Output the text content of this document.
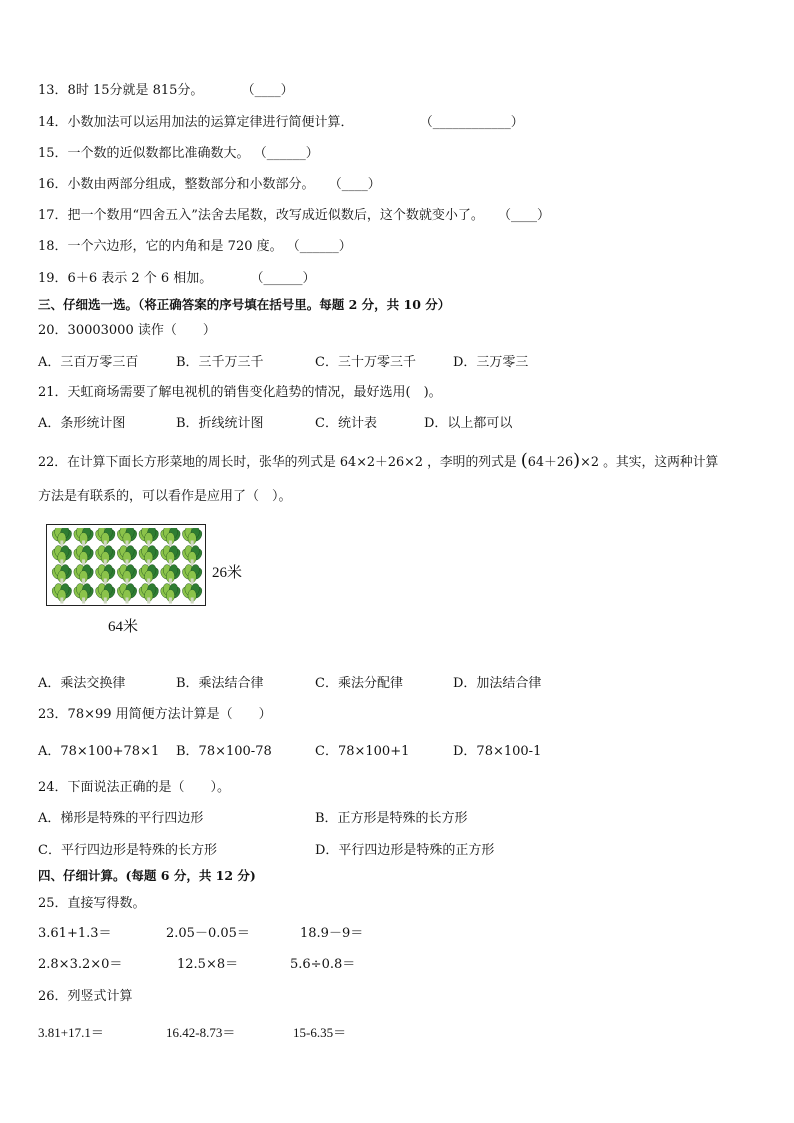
13．8时 15分就是 815分。	（____）
14．小数加法可以运用加法的运算定律进行简便计算．	（____________）
15．一个数的近似数都比准确数大。 （______）
16．小数由两部分组成，整数部分和小数部分。 （____）
17．把一个数用“四舍五入”法舍去尾数，改写成近似数后，这个数就变小了。 （____）
18．一个六边形，它的内角和是 720 度。 （______）
19．6＋6 表示 2 个 6 相加。	（______）
三、仔细选一选。（将正确答案的序号填在括号里。每题 2 分，共 10 分）
20．30003000 读作（　　）
A．三百万零三百	B．三千万三千	C．三十万零三千	D．三万零三
21．天虹商场需要了解电视机的销售变化趋势的情况，最好选用(　)。
A．条形统计图	B．折线统计图	C．统计表	D．以上都可以
22．在计算下面长方形菜地的周长时，张华的列式是 64×2＋26×2 ，李明的列式是 (64＋26)×2 。其实，这两种计算
方法是有联系的，可以看作是应用了（　）。
26米
64米
A．乘法交换律	B．乘法结合律	C．乘法分配律	D．加法结合律
23．78×99 用简便方法计算是（　　）
A．78×100+78×1 B．78×100-78	C．78×100+1	D．78×100-1
24．下面说法正确的是（　　）。
A．梯形是特殊的平行四边形	B．正方形是特殊的长方形
C．平行四边形是特殊的长方形	D．平行四边形是特殊的正方形
四、仔细计算。(每题 6 分，共 12 分)
25．直接写得数。
3.61+1.3＝	2.05－0.05＝	18.9－9＝
2.8×3.2×0＝	12.5×8＝	5.6÷0.8＝
26．列竖式计算
3.81+17.1＝	16.42-8.73＝	15-6.35＝
